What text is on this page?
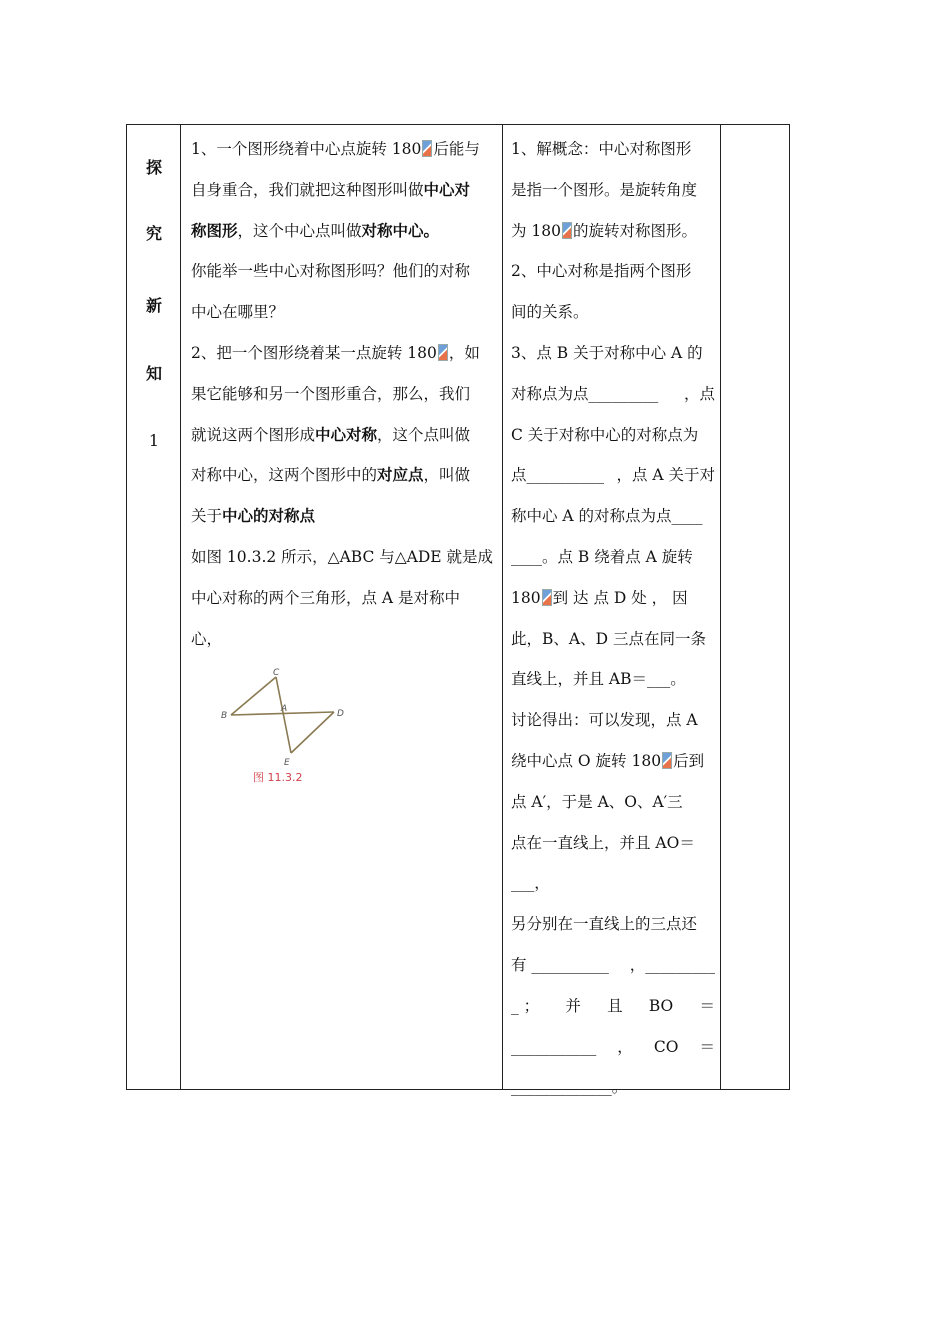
探
究
新
知
1
1、一个图形绕着中心点旋转 180 后能与
自身重合，我们就把这种图形叫做中心对
称图形，这个中心点叫做对称中心。
你能举一些中心对称图形吗？他们的对称
中心在哪里？
2、把一个图形绕着某一点旋转 180 ，如
果它能够和另一个图形重合，那么，我们
就说这两个图形成中心对称，这个点叫做
对称中心，这两个图形中的对应点，叫做
关于中心的对称点
如图 10.3.2 所示，△ABC 与△ADE 就是成
中心对称的两个三角形，点 A 是对称中
心，
C
B
A	D
E
图 11.3.2
1、解概念：中心对称图形
是指一个图形。是旋转角度
为 180 的旋转对称图形。
2、中心对称是指两个图形
间的关系。
3、点 B 关于对称中心 A 的
对称点为点_________ ，点
C 关于对称中心的对称点为
点__________ ，点 A 关于对
称中心 A 的对称点为点____
____。点 B 绕着点 A 旋转
180 到 达 点 D 处 ， 因
此，B、A、D 三点在同一条
直线上，并且 AB＝___。
讨论得出：可以发现，点 A
绕中心点 O 旋转 180 后到
点 A′，于是 A、O、A′三
点在一直线上，并且 AO＝
___，
另分别在一直线上的三点还
有 __________ ，_________
_ ； 并 且 BO ＝
___________ ， CO ＝
_____________。
